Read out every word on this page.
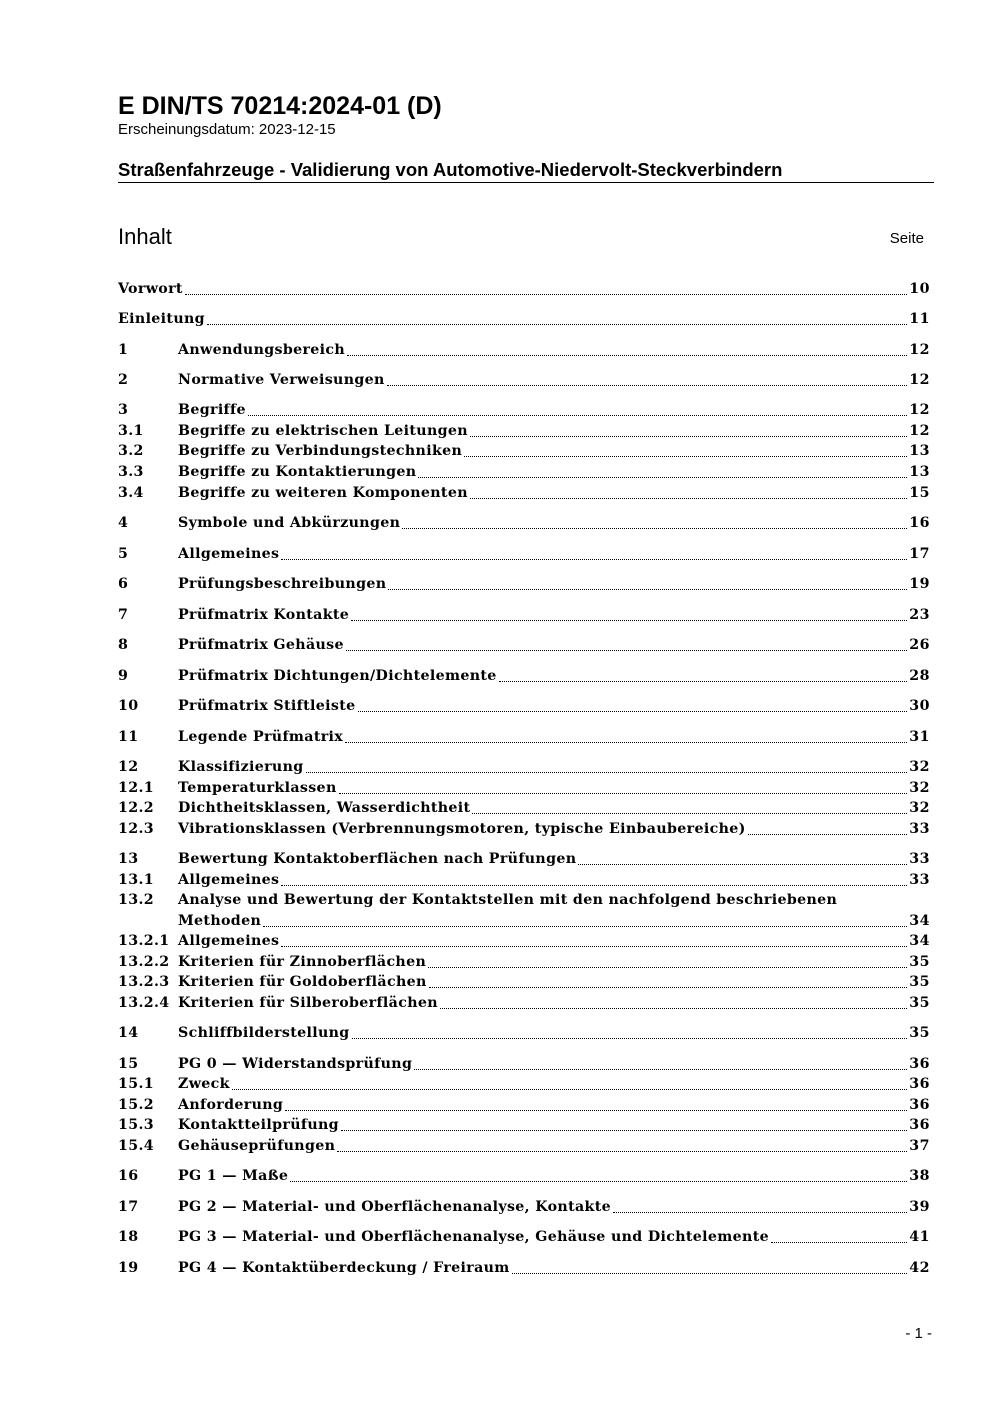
E DIN/TS 70214:2024-01 (D)
Erscheinungsdatum: 2023-12-15
Straßenfahrzeuge - Validierung von Automotive-Niedervolt-Steckverbindern
Inhalt	Seite
Vorwort	10
Einleitung	11
1	Anwendungsbereich	12
2	Normative Verweisungen	12
3	Begriffe	12
3.1	Begriffe zu elektrischen Leitungen	12
3.2	Begriffe zu Verbindungstechniken	13
3.3	Begriffe zu Kontaktierungen	13
3.4	Begriffe zu weiteren Komponenten	15
4	Symbole und Abkürzungen	16
5	Allgemeines	17
6	Prüfungsbeschreibungen	19
7	Prüfmatrix Kontakte	23
8	Prüfmatrix Gehäuse	26
9	Prüfmatrix Dichtungen/Dichtelemente	28
10	Prüfmatrix Stiftleiste	30
11	Legende Prüfmatrix	31
12	Klassifizierung	32
12.1	Temperaturklassen	32
12.2	Dichtheitsklassen, Wasserdichtheit	32
12.3	Vibrationsklassen (Verbrennungsmotoren, typische Einbaubereiche)	33
13	Bewertung Kontaktoberflächen nach Prüfungen	33
13.1	Allgemeines	33
13.2	Analyse und Bewertung der Kontaktstellen mit den nachfolgend beschriebenen
Methoden	34
13.2.1 Allgemeines	34
13.2.2 Kriterien für Zinnoberflächen	35
13.2.3 Kriterien für Goldoberflächen	35
13.2.4 Kriterien für Silberoberflächen	35
14	Schliffbilderstellung	35
15	PG 0 — Widerstandsprüfung	36
15.1	Zweck	36
15.2	Anforderung	36
15.3	Kontaktteilprüfung	36
15.4	Gehäuseprüfungen	37
16	PG 1 — Maße	38
17	PG 2 — Material- und Oberflächenanalyse, Kontakte	39
18	PG 3 — Material- und Oberflächenanalyse, Gehäuse und Dichtelemente	41
19	PG 4 — Kontaktüberdeckung / Freiraum	42
- 1 -
